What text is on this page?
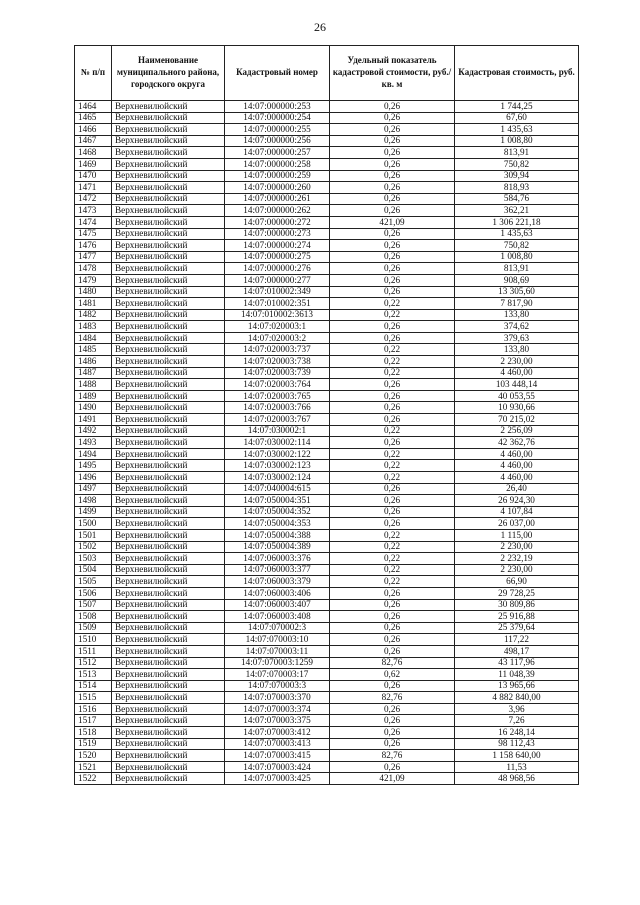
26
№ п/п	Наименование муниципального района, городского округа	Кадастровый номер	Удельный показатель кадастровой стоимости, руб./кв. м	Кадастровая стоимость, руб.
1464	Верхневилюйский	14:07:000000:253	0,26	1 744,25
1465	Верхневилюйский	14:07:000000:254	0,26	67,60
1466	Верхневилюйский	14:07:000000:255	0,26	1 435,63
1467	Верхневилюйский	14:07:000000:256	0,26	1 008,80
1468	Верхневилюйский	14:07:000000:257	0,26	813,91
1469	Верхневилюйский	14:07:000000:258	0,26	750,82
1470	Верхневилюйский	14:07:000000:259	0,26	309,94
1471	Верхневилюйский	14:07:000000:260	0,26	818,93
1472	Верхневилюйский	14:07:000000:261	0,26	584,76
1473	Верхневилюйский	14:07:000000:262	0,26	362,21
1474	Верхневилюйский	14:07:000000:272	421,09	1 306 221,18
1475	Верхневилюйский	14:07:000000:273	0,26	1 435,63
1476	Верхневилюйский	14:07:000000:274	0,26	750,82
1477	Верхневилюйский	14:07:000000:275	0,26	1 008,80
1478	Верхневилюйский	14:07:000000:276	0,26	813,91
1479	Верхневилюйский	14:07:000000:277	0,26	908,69
1480	Верхневилюйский	14:07:010002:349	0,26	13 305,60
1481	Верхневилюйский	14:07:010002:351	0,22	7 817,90
1482	Верхневилюйский	14:07:010002:3613	0,22	133,80
1483	Верхневилюйский	14:07:020003:1	0,26	374,62
1484	Верхневилюйский	14:07:020003:2	0,26	379,63
1485	Верхневилюйский	14:07:020003:737	0,22	133,80
1486	Верхневилюйский	14:07:020003:738	0,22	2 230,00
1487	Верхневилюйский	14:07:020003:739	0,22	4 460,00
1488	Верхневилюйский	14:07:020003:764	0,26	103 448,14
1489	Верхневилюйский	14:07:020003:765	0,26	40 053,55
1490	Верхневилюйский	14:07:020003:766	0,26	10 930,66
1491	Верхневилюйский	14:07:020003:767	0,26	70 215,02
1492	Верхневилюйский	14:07:030002:1	0,22	2 256,09
1493	Верхневилюйский	14:07:030002:114	0,26	42 362,76
1494	Верхневилюйский	14:07:030002:122	0,22	4 460,00
1495	Верхневилюйский	14:07:030002:123	0,22	4 460,00
1496	Верхневилюйский	14:07:030002:124	0,22	4 460,00
1497	Верхневилюйский	14:07:040004:615	0,26	26,40
1498	Верхневилюйский	14:07:050004:351	0,26	26 924,30
1499	Верхневилюйский	14:07:050004:352	0,26	4 107,84
1500	Верхневилюйский	14:07:050004:353	0,26	26 037,00
1501	Верхневилюйский	14:07:050004:388	0,22	1 115,00
1502	Верхневилюйский	14:07:050004:389	0,22	2 230,00
1503	Верхневилюйский	14:07:060003:376	0,22	2 232,19
1504	Верхневилюйский	14:07:060003:377	0,22	2 230,00
1505	Верхневилюйский	14:07:060003:379	0,22	66,90
1506	Верхневилюйский	14:07:060003:406	0,26	29 728,25
1507	Верхневилюйский	14:07:060003:407	0,26	30 809,86
1508	Верхневилюйский	14:07:060003:408	0,26	25 916,88
1509	Верхневилюйский	14:07:070002:3	0,26	25 379,64
1510	Верхневилюйский	14:07:070003:10	0,26	117,22
1511	Верхневилюйский	14:07:070003:11	0,26	498,17
1512	Верхневилюйский	14:07:070003:1259	82,76	43 117,96
1513	Верхневилюйский	14:07:070003:17	0,62	11 048,39
1514	Верхневилюйский	14:07:070003:3	0,26	13 965,66
1515	Верхневилюйский	14:07:070003:370	82,76	4 882 840,00
1516	Верхневилюйский	14:07:070003:374	0,26	3,96
1517	Верхневилюйский	14:07:070003:375	0,26	7,26
1518	Верхневилюйский	14:07:070003:412	0,26	16 248,14
1519	Верхневилюйский	14:07:070003:413	0,26	98 112,43
1520	Верхневилюйский	14:07:070003:415	82,76	1 158 640,00
1521	Верхневилюйский	14:07:070003:424	0,26	11,53
1522	Верхневилюйский	14:07:070003:425	421,09	48 968,56
